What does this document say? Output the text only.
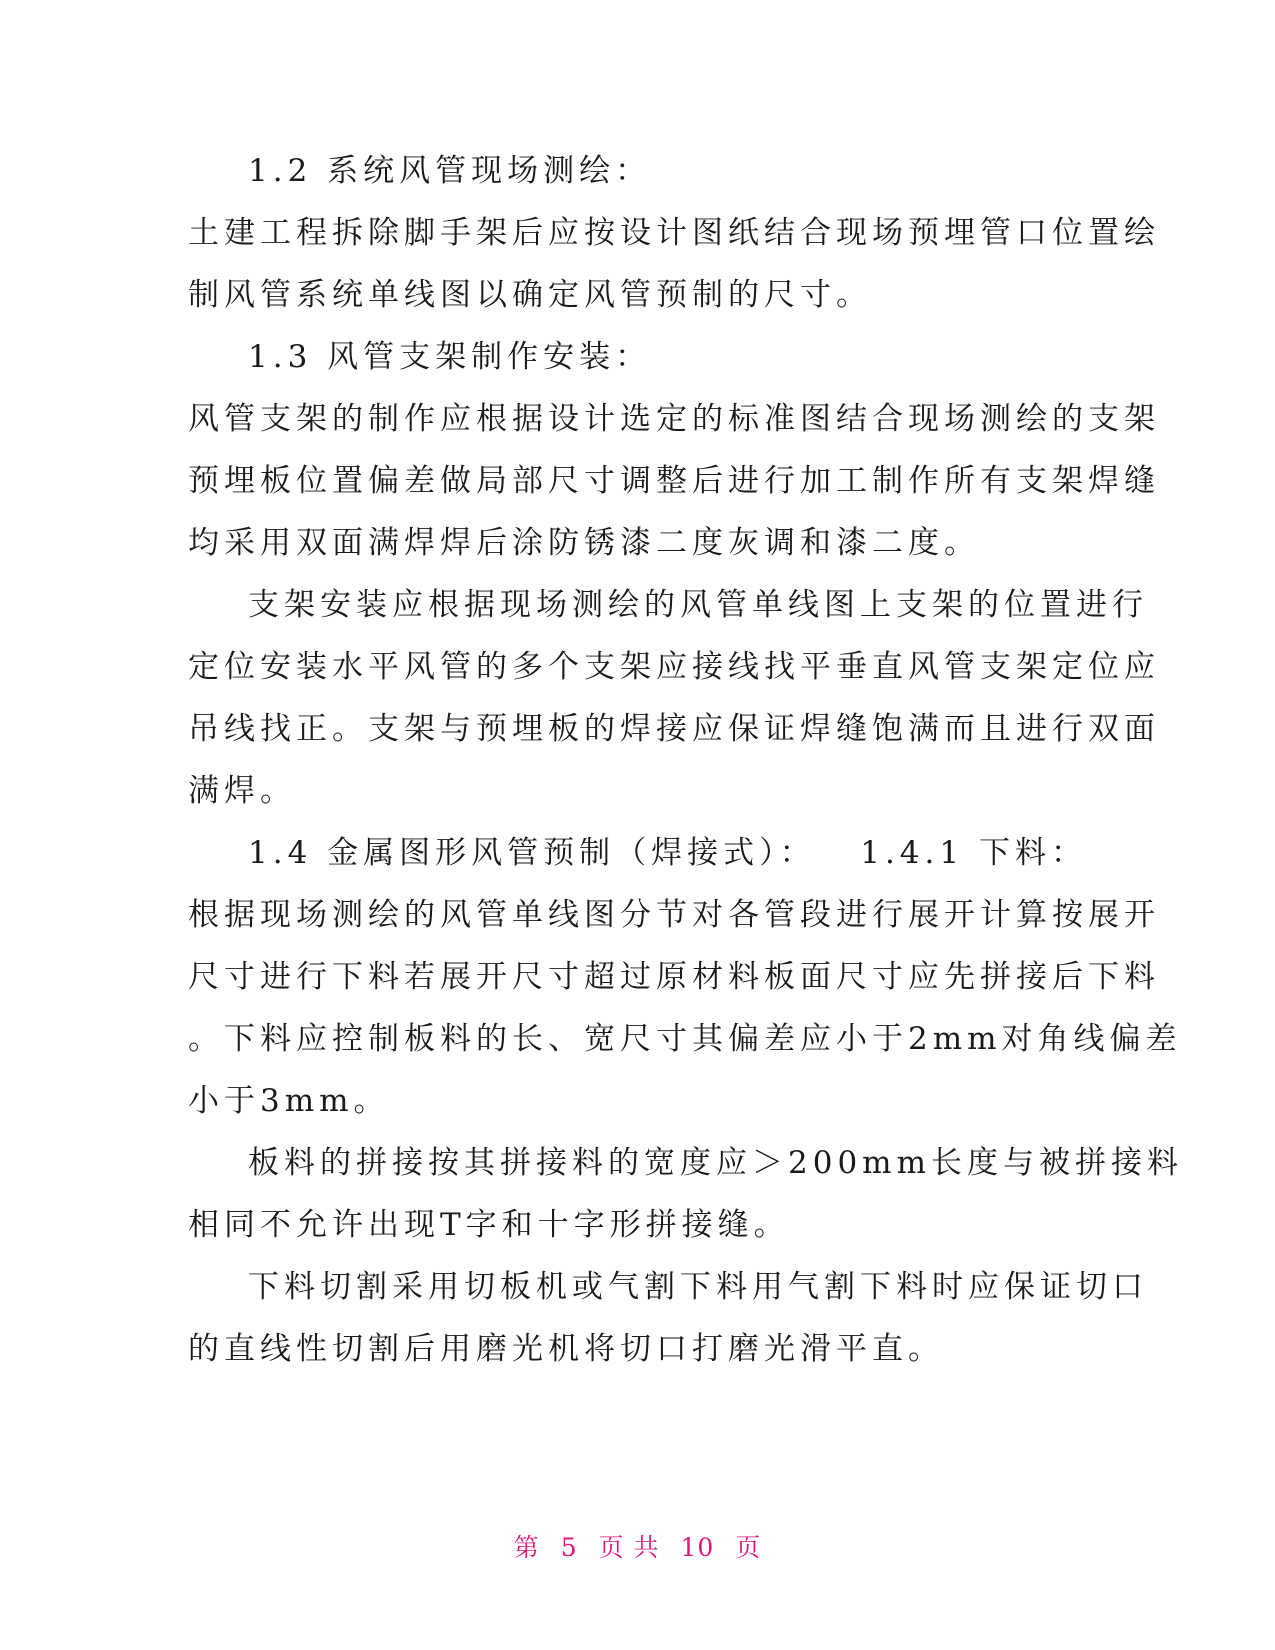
1.2 系统风管现场测绘：
土建工程拆除脚手架后应按设计图纸结合现场预埋管口位置绘
制风管系统单线图以确定风管预制的尺寸。
1.3 风管支架制作安装：
风管支架的制作应根据设计选定的标准图结合现场测绘的支架
预埋板位置偏差做局部尺寸调整后进行加工制作所有支架焊缝
均采用双面满焊焊后涂防锈漆二度灰调和漆二度。
支架安装应根据现场测绘的风管单线图上支架的位置进行
定位安装水平风管的多个支架应接线找平垂直风管支架定位应
吊线找正。支架与预埋板的焊接应保证焊缝饱满而且进行双面
满焊。
1.4 金属图形风管预制（焊接式）：   1.4.1 下料：
根据现场测绘的风管单线图分节对各管段进行展开计算按展开
尺寸进行下料若展开尺寸超过原材料板面尺寸应先拼接后下料
。下料应控制板料的长、宽尺寸其偏差应小于2mm对角线偏差
小于3mm。
板料的拼接按其拼接料的宽度应＞200mm长度与被拼接料
相同不允许出现T字和十字形拼接缝。
下料切割采用切板机或气割下料用气割下料时应保证切口
的直线性切割后用磨光机将切口打磨光滑平直。
第 5 页 共 10 页
